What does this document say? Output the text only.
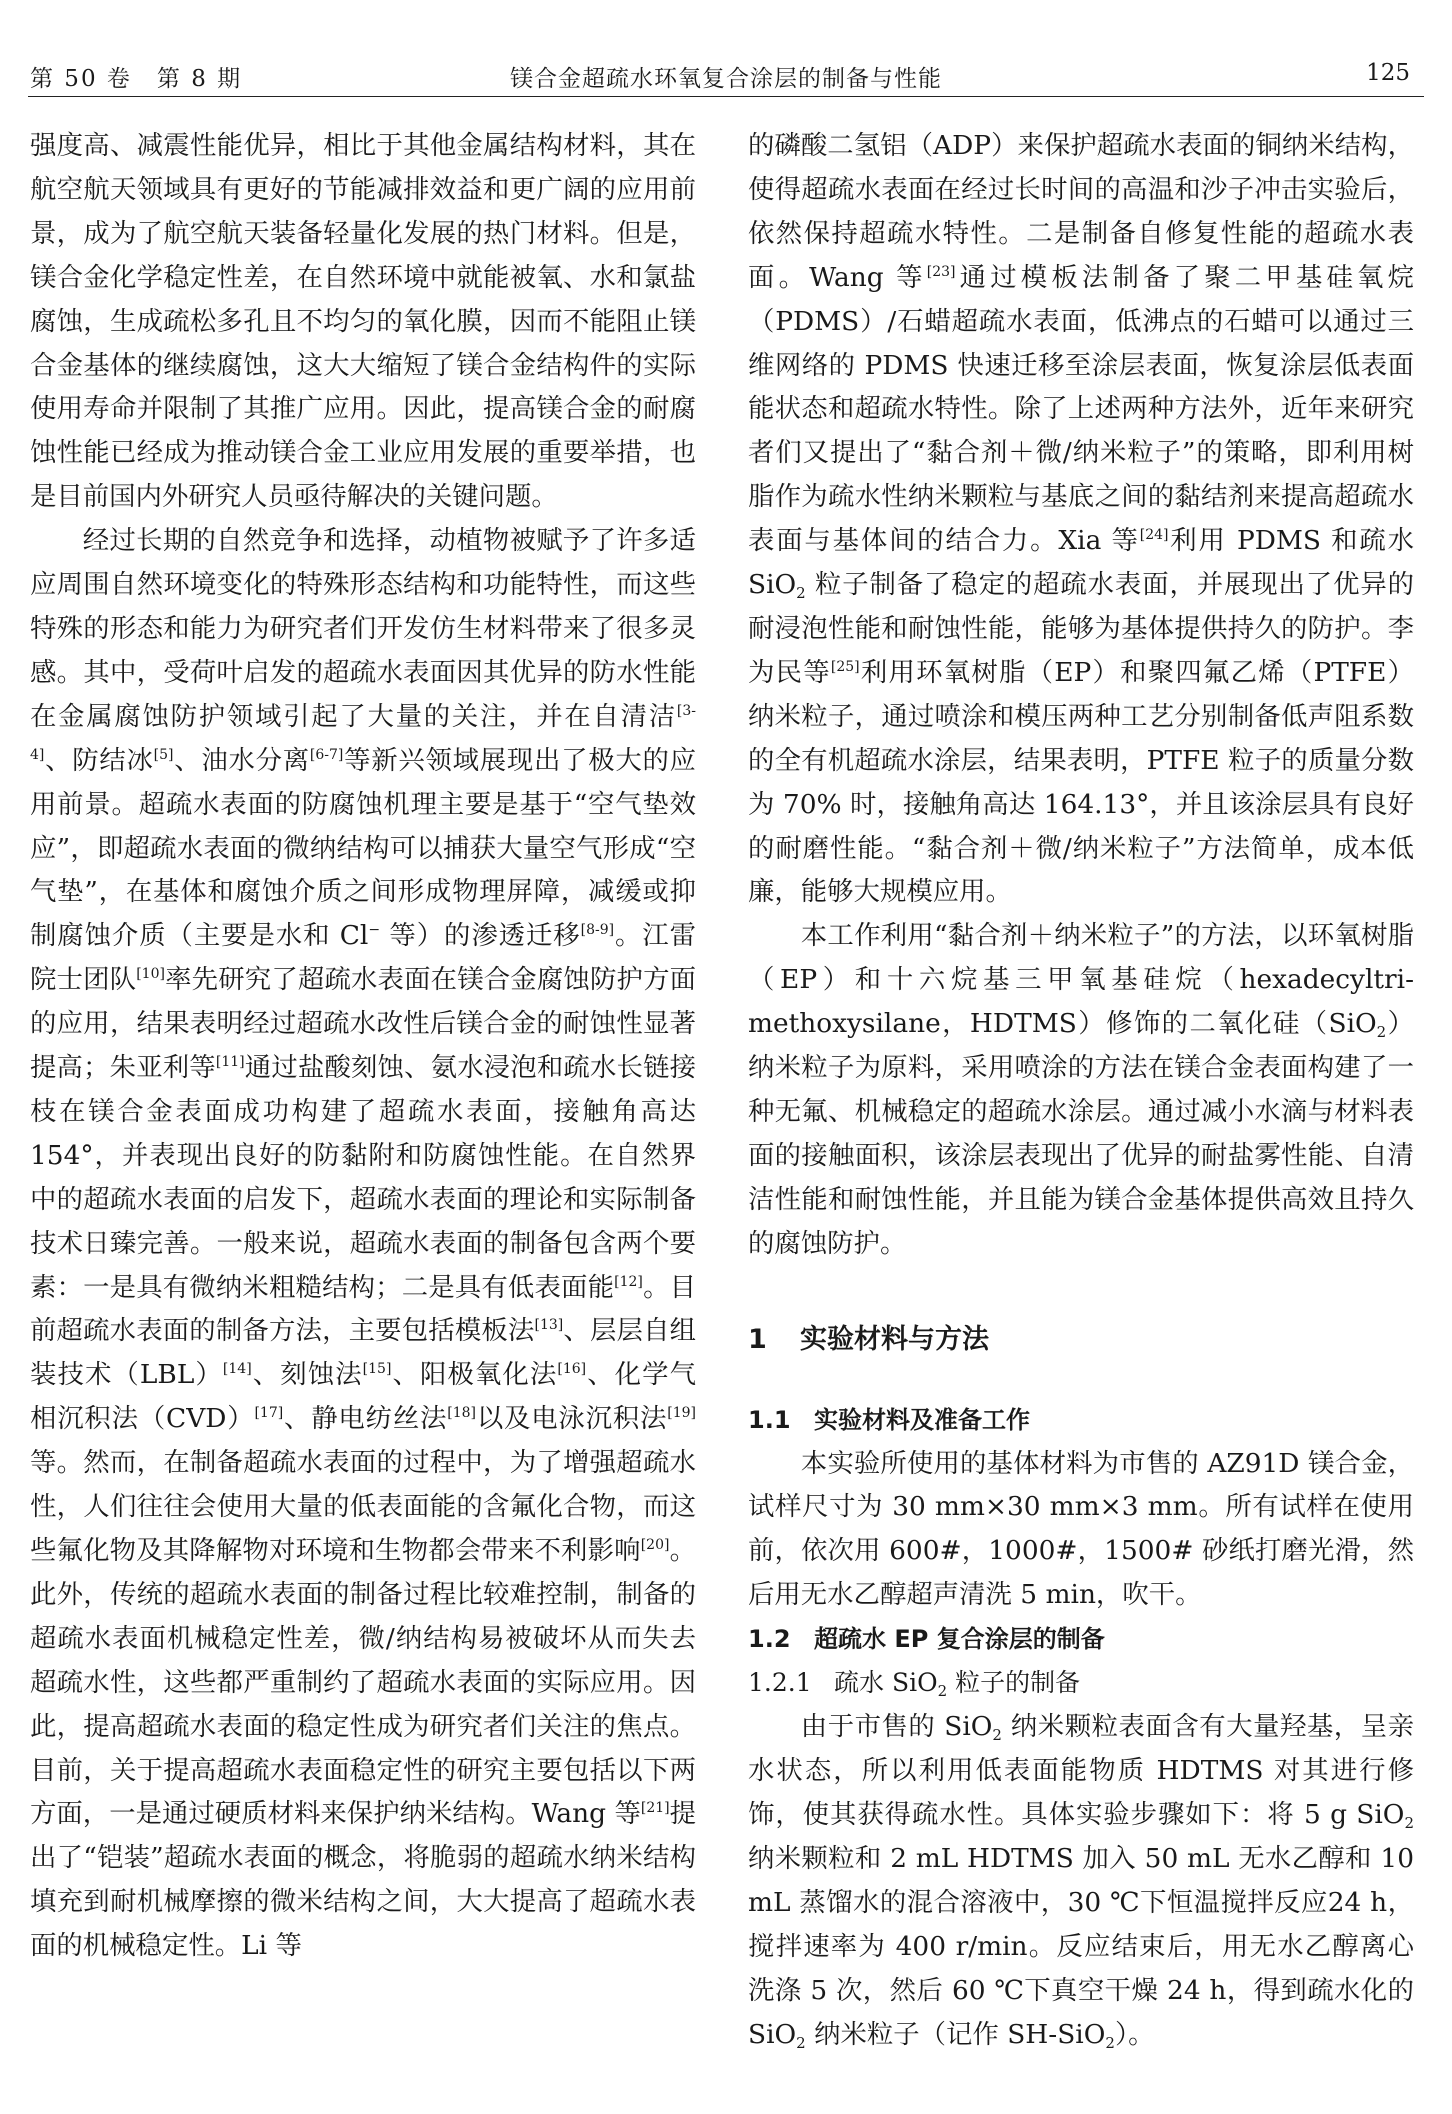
第 50 卷　第 8 期	镁合金超疏水环氧复合涂层的制备与性能	125

强度高、减震性能优异，相比于其他金属结构材料，其在航空航天领域具有更好的节能减排效益和更广阔的应用前景，成为了航空航天装备轻量化发展的热门材料。但是，镁合金化学稳定性差，在自然环境中就能被氧、水和氯盐腐蚀，生成疏松多孔且不均匀的氧化膜，因而不能阻止镁合金基体的继续腐蚀，这大大缩短了镁合金结构件的实际使用寿命并限制了其推广应用。因此，提高镁合金的耐腐蚀性能已经成为推动镁合金工业应用发展的重要举措，也是目前国内外研究人员亟待解决的关键问题。

经过长期的自然竞争和选择，动植物被赋予了许多适应周围自然环境变化的特殊形态结构和功能特性，而这些特殊的形态和能力为研究者们开发仿生材料带来了很多灵感。其中，受荷叶启发的超疏水表面因其优异的防水性能在金属腐蚀防护领域引起了大量的关注，并在自清洁[3-4]、防结冰[5]、油水分离[6-7]等新兴领域展现出了极大的应用前景。超疏水表面的防腐蚀机理主要是基于“空气垫效应”，即超疏水表面的微纳结构可以捕获大量空气形成“空气垫”，在基体和腐蚀介质之间形成物理屏障，减缓或抑制腐蚀介质（主要是水和 Cl− 等）的渗透迁移[8-9]。江雷院士团队[10]率先研究了超疏水表面在镁合金腐蚀防护方面的应用，结果表明经过超疏水改性后镁合金的耐蚀性显著提高；朱亚利等[11]通过盐酸刻蚀、氨水浸泡和疏水长链接枝在镁合金表面成功构建了超疏水表面，接触角高达 154°，并表现出良好的防黏附和防腐蚀性能。在自然界中的超疏水表面的启发下，超疏水表面的理论和实际制备技术日臻完善。一般来说，超疏水表面的制备包含两个要素：一是具有微纳米粗糙结构；二是具有低表面能[12]。目前超疏水表面的制备方法，主要包括模板法[13]、层层自组装技术（LBL）[14]、刻蚀法[15]、阳极氧化法[16]、化学气相沉积法（CVD）[17]、静电纺丝法[18]以及电泳沉积法[19]等。然而，在制备超疏水表面的过程中，为了增强超疏水性，人们往往会使用大量的低表面能的含氟化合物，而这些氟化物及其降解物对环境和生物都会带来不利影响[20]。此外，传统的超疏水表面的制备过程比较难控制，制备的超疏水表面机械稳定性差，微/纳结构易被破坏从而失去超疏水性，这些都严重制约了超疏水表面的实际应用。因此，提高超疏水表面的稳定性成为研究者们关注的焦点。目前，关于提高超疏水表面稳定性的研究主要包括以下两方面，一是通过硬质材料来保护纳米结构。Wang 等[21]提出了“铠装”超疏水表面的概念，将脆弱的超疏水纳米结构填充到耐机械摩擦的微米结构之间，大大提高了超疏水表面的机械稳定性。Li 等

的磷酸二氢铝（ADP）来保护超疏水表面的铜纳米结构，使得超疏水表面在经过长时间的高温和沙子冲击实验后，依然保持超疏水特性。二是制备自修复性能的超疏水表面。Wang 等[23]通过模板法制备了聚二甲基硅氧烷（PDMS）/石蜡超疏水表面，低沸点的石蜡可以通过三维网络的 PDMS 快速迁移至涂层表面，恢复涂层低表面能状态和超疏水特性。除了上述两种方法外，近年来研究者们又提出了“黏合剂＋微/纳米粒子”的策略，即利用树脂作为疏水性纳米颗粒与基底之间的黏结剂来提高超疏水表面与基体间的结合力。Xia 等[24]利用 PDMS 和疏水 SiO$_2$ 粒子制备了稳定的超疏水表面，并展现出了优异的耐浸泡性能和耐蚀性能，能够为基体提供持久的防护。李为民等[25]利用环氧树脂（EP）和聚四氟乙烯（PTFE）纳米粒子，通过喷涂和模压两种工艺分别制备低声阻系数的全有机超疏水涂层，结果表明，PTFE 粒子的质量分数为 70% 时，接触角高达 164.13°，并且该涂层具有良好的耐磨性能。“黏合剂＋微/纳米粒子”方法简单，成本低廉，能够大规模应用。

本工作利用“黏合剂＋纳米粒子”的方法，以环氧树脂（EP）和十六烷基三甲氧基硅烷（hexadecyltri-methoxysilane，HDTMS）修饰的二氧化硅（SiO$_2$）纳米粒子为原料，采用喷涂的方法在镁合金表面构建了一种无氟、机械稳定的超疏水涂层。通过减小水滴与材料表面的接触面积，该涂层表现出了优异的耐盐雾性能、自清洁性能和耐蚀性能，并且能为镁合金基体提供高效且持久的腐蚀防护。

1 实验材料与方法

1.1 实验材料及准备工作

本实验所使用的基体材料为市售的 AZ91D 镁合金，试样尺寸为 30 mm×30 mm×3 mm。所有试样在使用前，依次用 600#，1000#，1500# 砂纸打磨光滑，然后用无水乙醇超声清洗 5 min，吹干。

1.2 超疏水 EP 复合涂层的制备

1.2.1 疏水 SiO$_2$ 粒子的制备

由于市售的 SiO$_2$ 纳米颗粒表面含有大量羟基，呈亲水状态，所以利用低表面能物质 HDTMS 对其进行修饰，使其获得疏水性。具体实验步骤如下：将 5 g SiO$_2$ 纳米颗粒和 2 mL HDTMS 加入 50 mL 无水乙醇和 10 mL 蒸馏水的混合溶液中，30 ℃下恒温搅拌反应24 h，搅拌速率为 400 r/min。反应结束后，用无水乙醇离心洗涤 5 次，然后 60 ℃下真空干燥 24 h，得到疏水化的 SiO$_2$ 纳米粒子（记作 SH-SiO$_2$）。
